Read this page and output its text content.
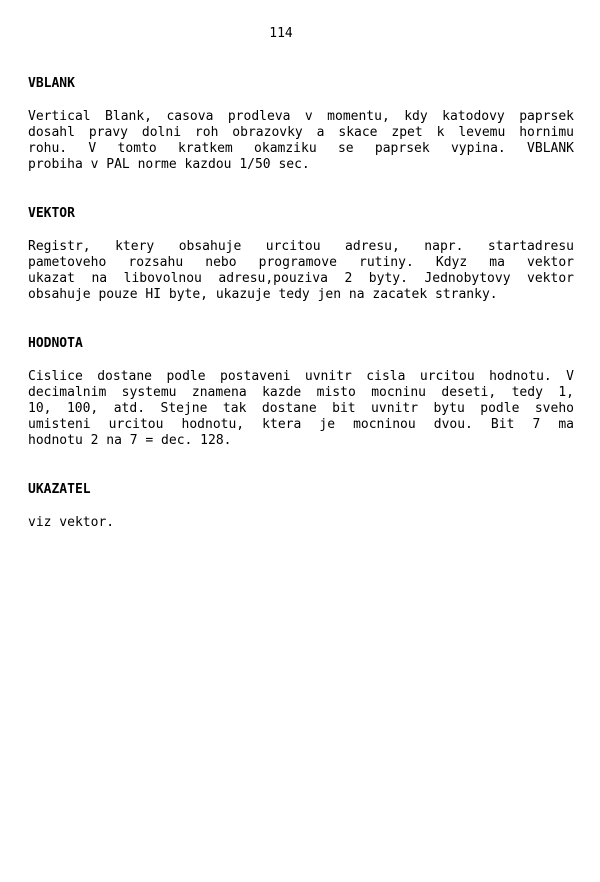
114
VBLANK

Vertical Blank, casova prodleva v momentu, kdy katodovy paprsek
dosahl pravy dolni roh obrazovky a skace zpet k levemu hornimu
rohu. V tomto kratkem okamziku se paprsek vypina. VBLANK
probiha v PAL norme kazdou 1/50 sec.

VEKTOR

Registr, ktery obsahuje urcitou adresu, napr. startadresu
pametoveho rozsahu nebo programove rutiny. Kdyz ma vektor
ukazat na libovolnou adresu,pouziva 2 byty. Jednobytovy vektor
obsahuje pouze HI byte, ukazuje tedy jen na zacatek stranky.

HODNOTA

Cislice dostane podle postaveni uvnitr cisla urcitou hodnotu. V
decimalnim systemu znamena kazde misto mocninu deseti, tedy 1,
10, 100, atd. Stejne tak dostane bit uvnitr bytu podle sveho
umisteni urcitou hodnotu, ktera je mocninou dvou. Bit 7 ma
hodnotu 2 na 7 = dec. 128.

UKAZATEL

viz vektor.
